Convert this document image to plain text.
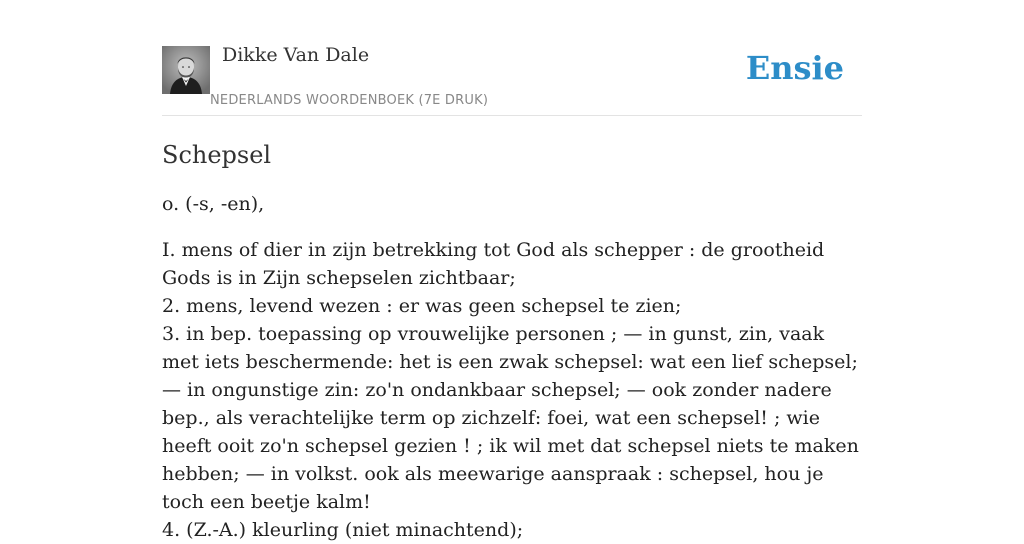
Dikke Van Dale
NEDERLANDS WOORDENBOEK (7E DRUK)
Ensie
Schepsel

o. (-s, -en),

I. mens of dier in zijn betrekking tot God als schepper : de grootheid Gods is in Zijn schepselen zichtbaar;
2. mens, levend wezen : er was geen schepsel te zien;
3. in bep. toepassing op vrouwelijke personen ; — in gunst, zin, vaak met iets beschermende: het is een zwak schepsel: wat een lief schepsel; — in ongunstige zin: zo'n ondankbaar schepsel; — ook zonder nadere bep., als verachtelijke term op zichzelf: foei, wat een schepsel! ; wie heeft ooit zo'n schepsel gezien ! ; ik wil met dat schepsel niets te maken hebben; — in volkst. ook als meewarige aanspraak : schepsel, hou je toch een beetje kalm!
4. (Z.-A.) kleurling (niet minachtend);
